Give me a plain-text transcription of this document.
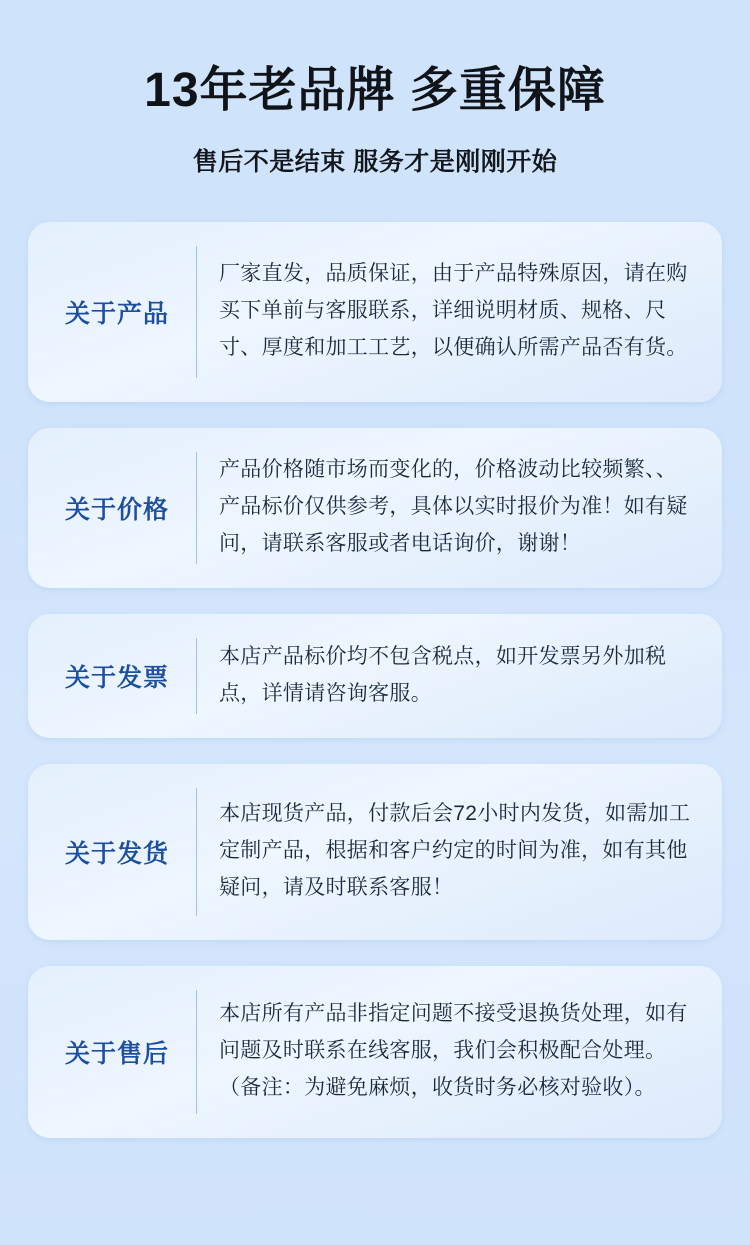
13年老品牌 多重保障
售后不是结束 服务才是刚刚开始
关于产品
厂家直发，品质保证，由于产品特殊原因，请在购买下单前与客服联系，详细说明材质、规格、尺寸、厚度和加工工艺，以便确认所需产品否有货。
关于价格
产品价格随市场而变化的，价格波动比较频繁、、产品标价仅供参考，具体以实时报价为准！如有疑问，请联系客服或者电话询价，谢谢！
关于发票
本店产品标价均不包含税点，如开发票另外加税点，详情请咨询客服。
关于发货
本店现货产品，付款后会72小时内发货，如需加工定制产品，根据和客户约定的时间为准，如有其他疑问，请及时联系客服！
关于售后
本店所有产品非指定问题不接受退换货处理，如有问题及时联系在线客服，我们会积极配合处理。（备注：为避免麻烦，收货时务必核对验收）。
